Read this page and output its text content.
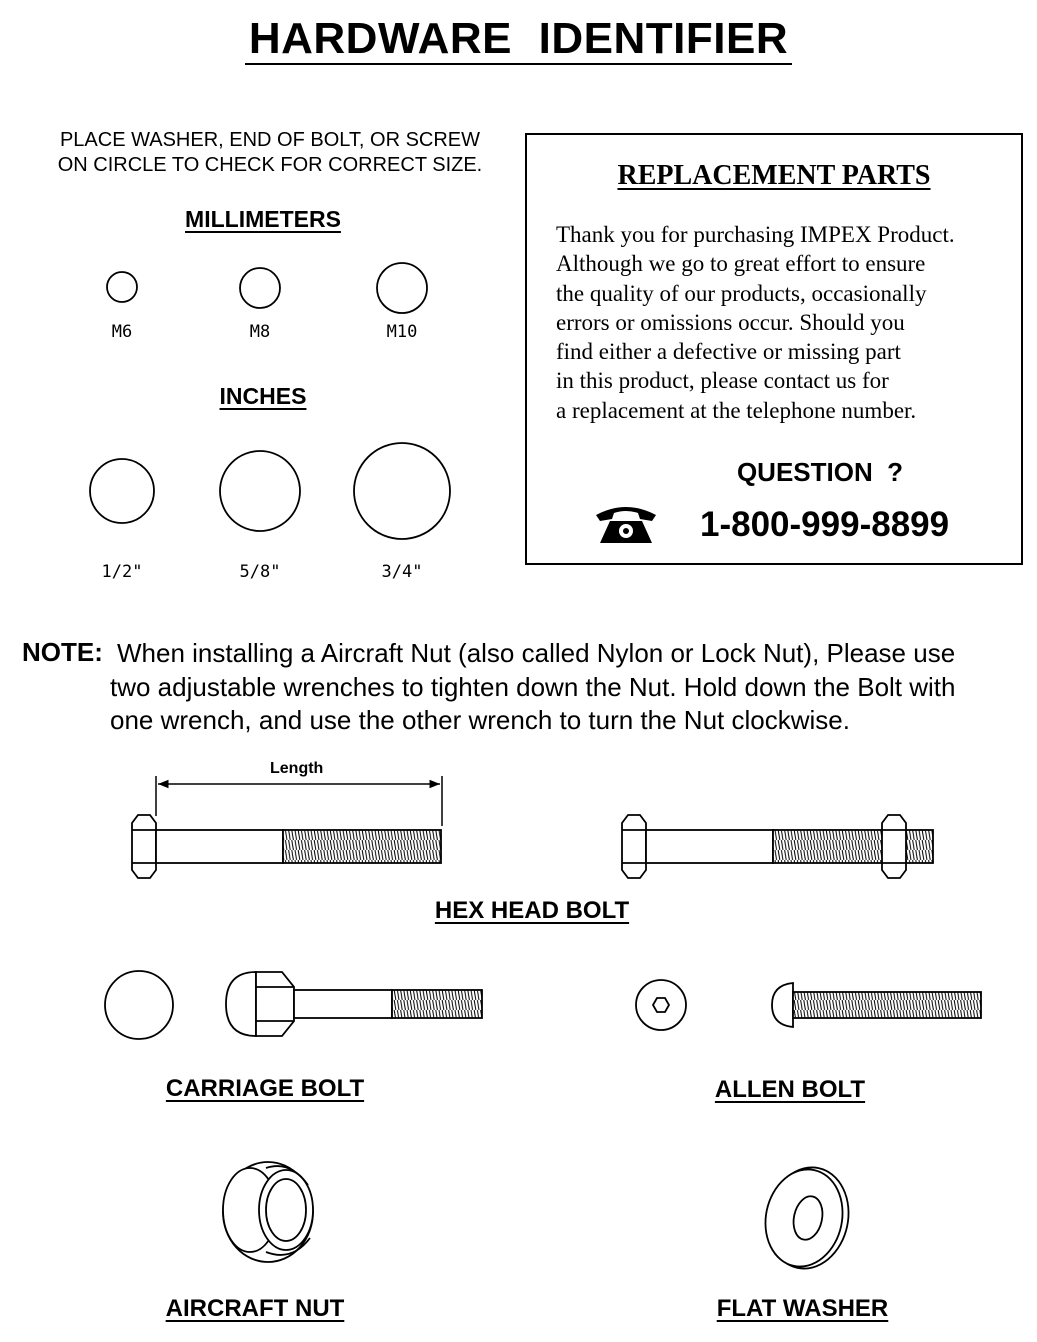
HARDWARE IDENTIFIER
PLACE WASHER, END OF BOLT, OR SCREW
ON CIRCLE TO CHECK FOR CORRECT SIZE.
MILLIMETERS
M6	M8	M10
INCHES
1/2"	5/8"	3/4"
REPLACEMENT PARTS
Thank you for purchasing IMPEX Product.
Although we go to great effort to ensure
the quality of our products, occasionally
errors or omissions occur. Should you
find either a defective or missing part
in this product, please contact us for
a replacement at the telephone number.
QUESTION  ?
1-800-999-8899
NOTE: When installing a Aircraft Nut (also called Nylon or Lock Nut), Please use
two adjustable wrenches to tighten down the Nut. Hold down the Bolt with
one wrench, and use the other wrench to turn the Nut clockwise.
Length
HEX HEAD BOLT
CARRIAGE BOLT	ALLEN BOLT
AIRCRAFT NUT	FLAT WASHER
